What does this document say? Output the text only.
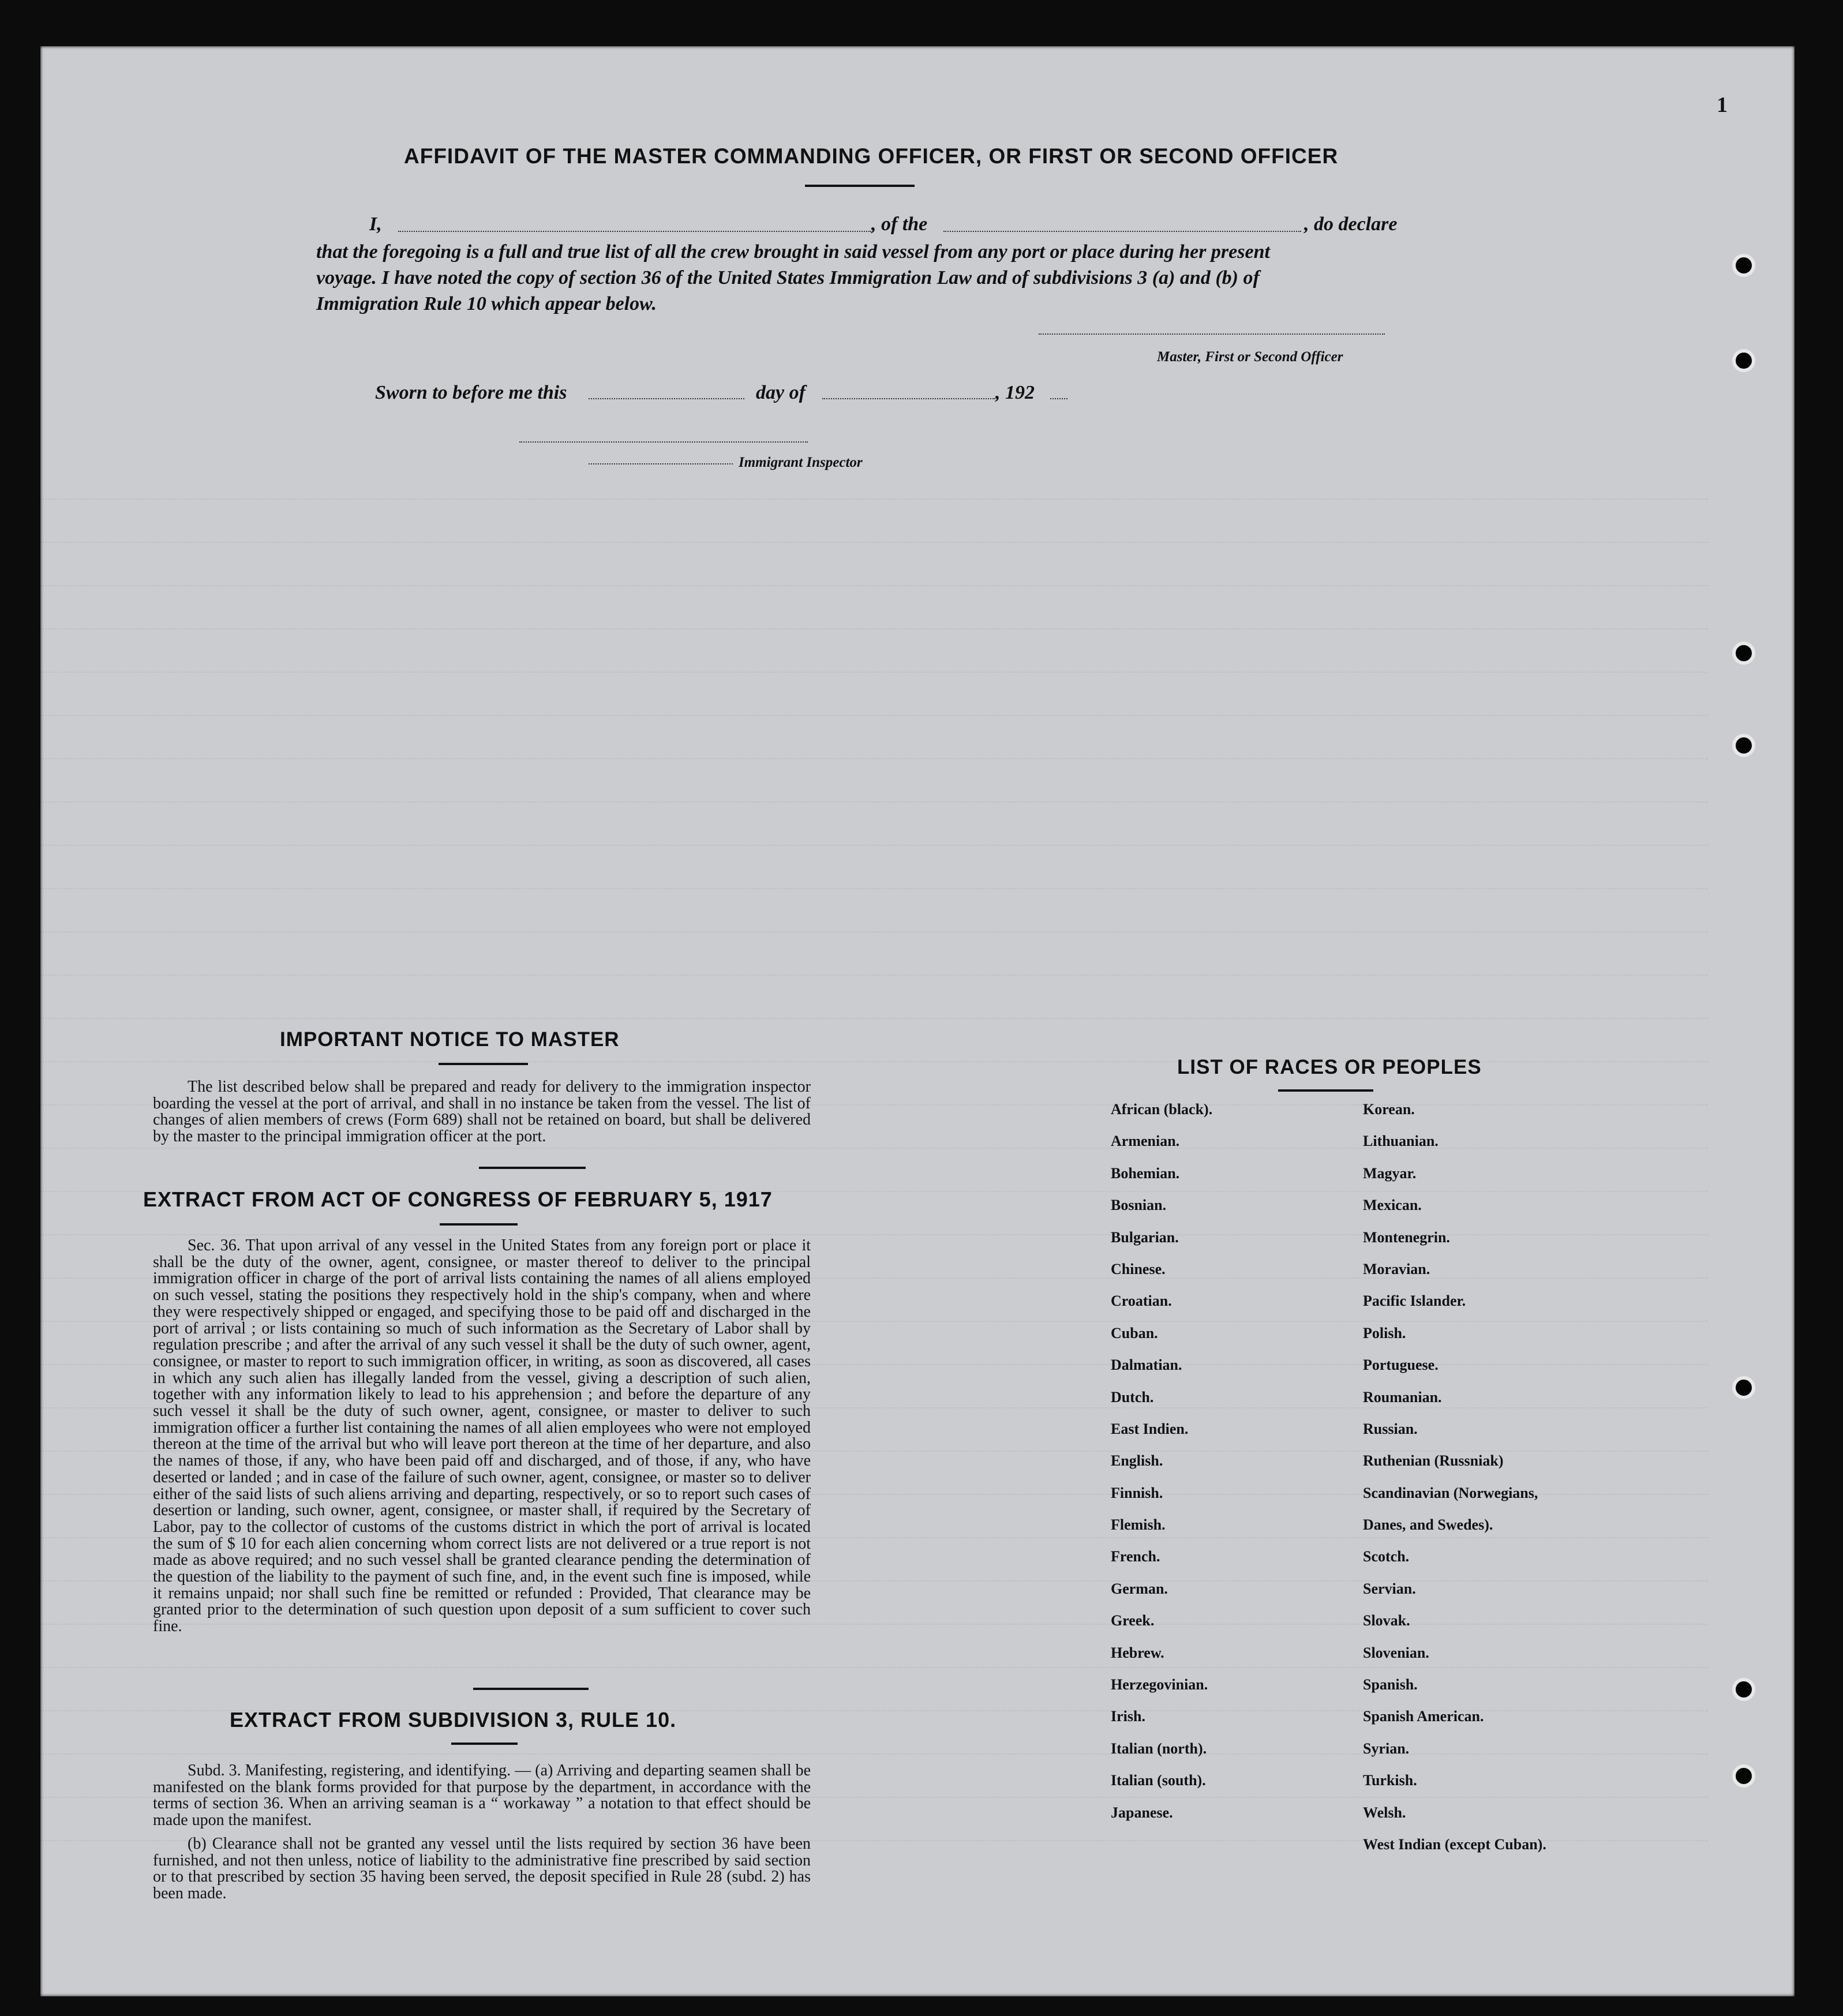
1
AFFIDAVIT OF THE MASTER COMMANDING OFFICER, OR FIRST OR SECOND OFFICER
I,	, of the	, do declare
that the foregoing is a full and true list of all the crew brought in said vessel from any port or place during her present
voyage. I have noted the copy of section 36 of the United States Immigration Law and of subdivisions 3 (a) and (b) of
Immigration Rule 10 which appear below.
Master, First or Second Officer
Sworn to before me this	day of	, 192
Immigrant Inspector
IMPORTANT NOTICE TO MASTER
The list described below shall be prepared and ready for delivery to the immigration inspector boarding the vessel at the port of arrival, and shall in no instance be taken from the vessel. The list of changes of alien members of crews (Form 689) shall not be retained on board, but shall be delivered by the master to the principal immigration officer at the port.
EXTRACT FROM ACT OF CONGRESS OF FEBRUARY 5, 1917
Sec. 36. That upon arrival of any vessel in the United States from any foreign port or place it shall be the duty of the owner, agent, consignee, or master thereof to deliver to the principal immigration officer in charge of the port of arrival lists containing the names of all aliens employed on such vessel, stating the positions they respectively hold in the ship's company, when and where they were respectively shipped or engaged, and specifying those to be paid off and discharged in the port of arrival ; or lists containing so much of such information as the Secretary of Labor shall by regulation prescribe ; and after the arrival of any such vessel it shall be the duty of such owner, agent, consignee, or master to report to such immigration officer, in writing, as soon as discovered, all cases in which any such alien has illegally landed from the vessel, giving a description of such alien, together with any information likely to lead to his apprehension ; and before the departure of any such vessel it shall be the duty of such owner, agent, consignee, or master to deliver to such immigration officer a further list containing the names of all alien employees who were not employed thereon at the time of the arrival but who will leave port thereon at the time of her departure, and also the names of those, if any, who have been paid off and discharged, and of those, if any, who have deserted or landed ; and in case of the failure of such owner, agent, consignee, or master so to deliver either of the said lists of such aliens arriving and departing, respectively, or so to report such cases of desertion or landing, such owner, agent, consignee, or master shall, if required by the Secretary of Labor, pay to the collector of customs of the customs district in which the port of arrival is located the sum of $ 10 for each alien concerning whom correct lists are not delivered or a true report is not made as above required; and no such vessel shall be granted clearance pending the determination of the question of the liability to the payment of such fine, and, in the event such fine is imposed, while it remains unpaid; nor shall such fine be remitted or refunded : Provided, That clearance may be granted prior to the determination of such question upon deposit of a sum sufficient to cover such fine.
EXTRACT FROM SUBDIVISION 3, RULE 10.
Subd. 3. Manifesting, registering, and identifying. — (a) Arriving and departing seamen shall be manifested on the blank forms provided for that purpose by the department, in accordance with the terms of section 36. When an arriving seaman is a “ workaway ” a notation to that effect should be made upon the manifest.
(b) Clearance shall not be granted any vessel until the lists required by section 36 have been furnished, and not then unless, notice of liability to the administrative fine prescribed by said section or to that prescribed by section 35 having been served, the deposit specified in Rule 28 (subd. 2) has been made.
LIST OF RACES OR PEOPLES
African (black).
Armenian.
Bohemian.
Bosnian.
Bulgarian.
Chinese.
Croatian.
Cuban.
Dalmatian.
Dutch.
East Indien.
English.
Finnish.
Flemish.
French.
German.
Greek.
Hebrew.
Herzegovinian.
Irish.
Italian (north).
Italian (south).
Japanese.
Korean.
Lithuanian.
Magyar.
Mexican.
Montenegrin.
Moravian.
Pacific Islander.
Polish.
Portuguese.
Roumanian.
Russian.
Ruthenian (Russniak)
Scandinavian (Norwegians,
Danes, and Swedes).
Scotch.
Servian.
Slovak.
Slovenian.
Spanish.
Spanish American.
Syrian.
Turkish.
Welsh.
West Indian (except Cuban).
